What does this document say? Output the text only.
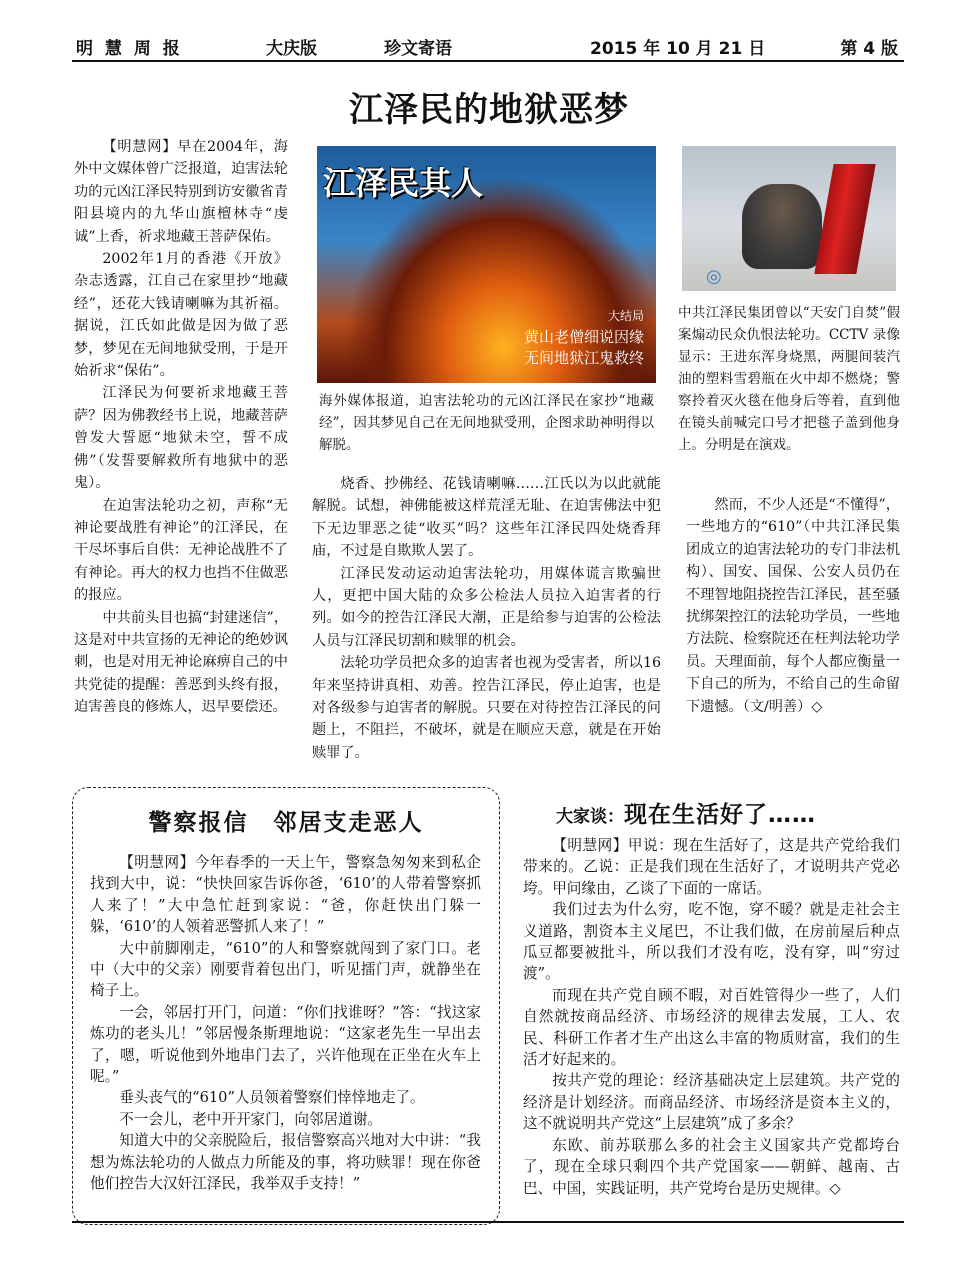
明 慧 周 报	大庆版	珍文寄语	2015 年 10 月 21 日	第 4 版
江泽民的地狱恶梦

【明慧网】早在2004年，海外中文媒体曾广泛报道，迫害法轮功的元凶江泽民特别到访安徽省青阳县境内的九华山旗檀林寺“虔诚”上香，祈求地藏王菩萨保佑。

2002年1月的香港《开放》杂志透露，江自己在家里抄“地藏经”，还花大钱请喇嘛为其祈福。据说，江氏如此做是因为做了恶梦，梦见在无间地狱受刑，于是开始祈求“保佑”。

江泽民为何要祈求地藏王菩萨？因为佛教经书上说，地藏菩萨曾发大誓愿“地狱未空，誓不成佛”（发誓要解救所有地狱中的恶鬼）。

在迫害法轮功之初，声称“无神论要战胜有神论”的江泽民，在干尽坏事后自供：无神论战胜不了有神论。再大的权力也挡不住做恶的报应。

中共前头目也搞“封建迷信”，这是对中共宣扬的无神论的绝妙讽刺，也是对用无神论麻痹自己的中共党徒的提醒：善恶到头终有报，迫害善良的修炼人，迟早要偿还。

江泽民其人
大结局
黄山老僧细说因缘
无间地狱江鬼救终
海外媒体报道，迫害法轮功的元凶江泽民在家抄“地藏经”，因其梦见自己在无间地狱受刑，企图求助神明得以解脱。

烧香、抄佛经、花钱请喇嘛……江氏以为以此就能解脱。试想，神佛能被这样荒淫无耻、在迫害佛法中犯下无边罪恶之徒“收买”吗？这些年江泽民四处烧香拜庙，不过是自欺欺人罢了。

江泽民发动运动迫害法轮功，用媒体谎言欺骗世人，更把中国大陆的众多公检法人员拉入迫害者的行列。如今的控告江泽民大潮，正是给参与迫害的公检法人员与江泽民切割和赎罪的机会。

法轮功学员把众多的迫害者也视为受害者，所以16年来坚持讲真相、劝善。控告江泽民，停止迫害，也是对各级参与迫害者的解脱。只要在对待控告江泽民的问题上，不阻拦，不破坏，就是在顺应天意，就是在开始赎罪了。

◎
中共江泽民集团曾以“天安门自焚”假案煽动民众仇恨法轮功。CCTV 录像显示：王进东浑身烧黑，两腿间装汽油的塑料雪碧瓶在火中却不燃烧；警察拎着灭火毯在他身后等着，直到他在镜头前喊完口号才把毯子盖到他身上。分明是在演戏。

然而，不少人还是“不懂得”，一些地方的“610”（中共江泽民集团成立的迫害法轮功的专门非法机构）、国安、国保、公安人员仍在不理智地阻挠控告江泽民，甚至骚扰绑架控江的法轮功学员，一些地方法院、检察院还在枉判法轮功学员。天理面前，每个人都应衡量一下自己的所为，不给自己的生命留下遗憾。（文/明善）◇

警察报信　邻居支走恶人

【明慧网】今年春季的一天上午，警察急匆匆来到私企找到大中，说：“快快回家告诉你爸，‘610’的人带着警察抓人来了！”大中急忙赶到家说：“爸，你赶快出门躲一躲，‘610’的人领着恶警抓人来了！”

大中前脚刚走，“610”的人和警察就闯到了家门口。老中（大中的父亲）刚要背着包出门，听见擂门声，就静坐在椅子上。

一会，邻居打开门，问道：“你们找谁呀？”答：“找这家炼功的老头儿！”邻居慢条斯理地说：“这家老先生一早出去了，嗯，听说他到外地串门去了，兴许他现在正坐在火车上呢。”

垂头丧气的“610”人员领着警察们悻悻地走了。

不一会儿，老中开开家门，向邻居道谢。

知道大中的父亲脱险后，报信警察高兴地对大中讲：“我想为炼法轮功的人做点力所能及的事，将功赎罪！现在你爸他们控告大汉奸江泽民，我举双手支持！”

大家谈：现在生活好了……

【明慧网】甲说：现在生活好了，这是共产党给我们带来的。乙说：正是我们现在生活好了，才说明共产党必垮。甲问缘由，乙谈了下面的一席话。

我们过去为什么穷，吃不饱，穿不暖？就是走社会主义道路，割资本主义尾巴，不让我们做，在房前屋后种点瓜豆都要被批斗，所以我们才没有吃，没有穿，叫“穷过渡”。

而现在共产党自顾不暇，对百姓管得少一些了，人们自然就按商品经济、市场经济的规律去发展，工人、农民、科研工作者才生产出这么丰富的物质财富，我们的生活才好起来的。

按共产党的理论：经济基础决定上层建筑。共产党的经济是计划经济。而商品经济、市场经济是资本主义的，这不就说明共产党这“上层建筑”成了多余？

东欧、前苏联那么多的社会主义国家共产党都垮台了，现在全球只剩四个共产党国家——朝鲜、越南、古巴、中国，实践证明，共产党垮台是历史规律。◇
